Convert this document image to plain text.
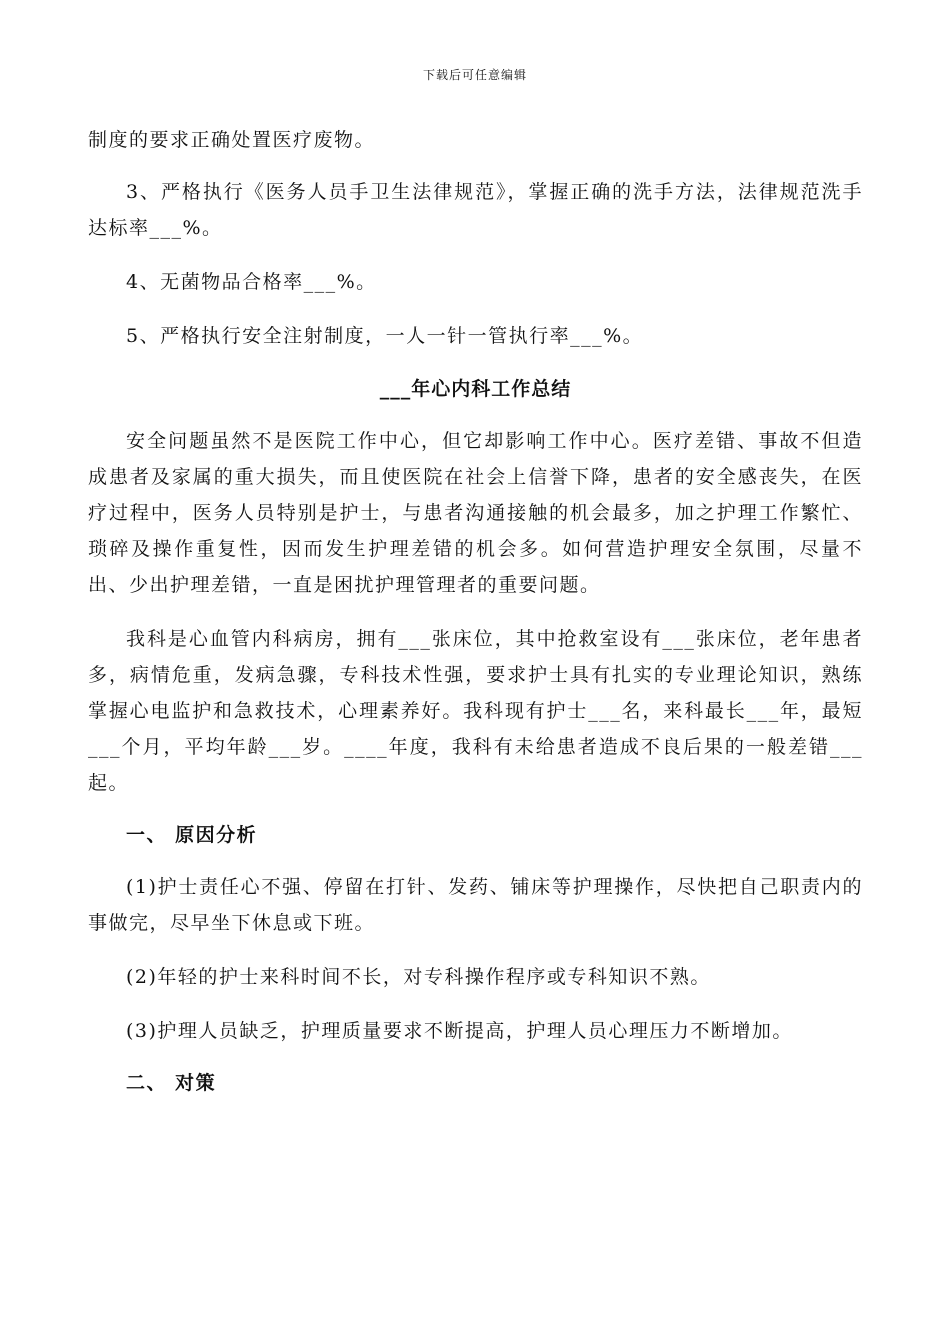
下载后可任意编辑

制度的要求正确处置医疗废物。

3、严格执行《医务人员手卫生法律规范》，掌握正确的洗手方法，法律规范洗手达标率___%。

4、无菌物品合格率___%。

5、严格执行安全注射制度，一人一针一管执行率___%。

___年心内科工作总结

安全问题虽然不是医院工作中心，但它却影响工作中心。医疗差错、事故不但造成患者及家属的重大损失，而且使医院在社会上信誉下降，患者的安全感丧失，在医疗过程中，医务人员特别是护士，与患者沟通接触的机会最多，加之护理工作繁忙、琐碎及操作重复性，因而发生护理差错的机会多。如何营造护理安全氛围，尽量不出、少出护理差错，一直是困扰护理管理者的重要问题。

我科是心血管内科病房，拥有___张床位，其中抢救室设有___张床位，老年患者多，病情危重，发病急骤，专科技术性强，要求护士具有扎实的专业理论知识，熟练掌握心电监护和急救技术，心理素养好。我科现有护士___名，来科最长___年，最短___个月，平均年龄___岁。____年度，我科有未给患者造成不良后果的一般差错___起。

一、 原因分析

(1)护士责任心不强、停留在打针、发药、铺床等护理操作，尽快把自己职责内的事做完，尽早坐下休息或下班。

(2)年轻的护士来科时间不长，对专科操作程序或专科知识不熟。

(3)护理人员缺乏，护理质量要求不断提高，护理人员心理压力不断增加。

二、 对策
